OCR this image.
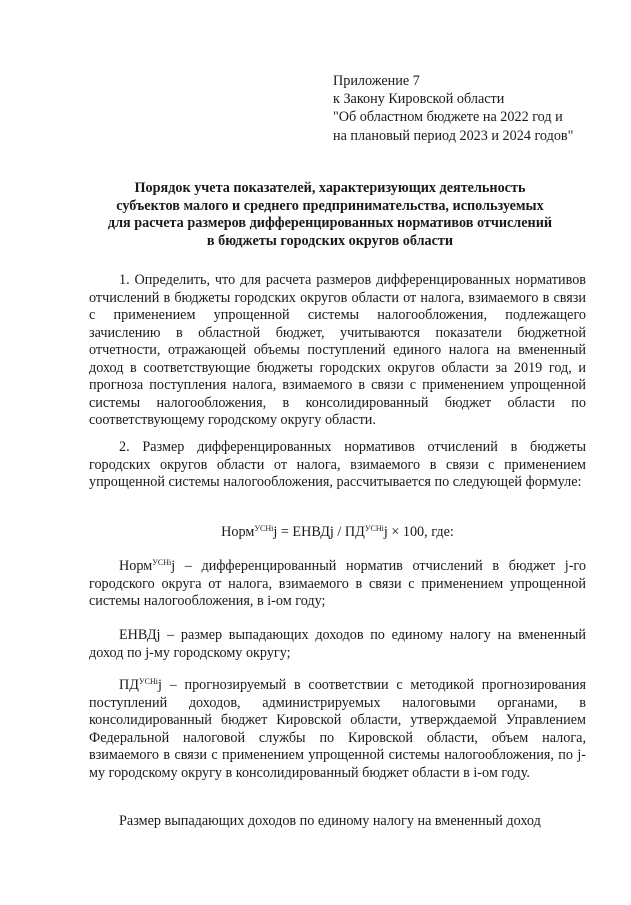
Приложение 7
к Закону Кировской области
"Об областном бюджете на 2022 год и
на плановый период 2023 и 2024 годов"
Порядок учета показателей, характеризующих деятельность
субъектов малого и среднего предпринимательства, используемых
для расчета размеров дифференцированных нормативов отчислений
в бюджеты городских округов области

1. Определить, что для расчета размеров дифференцированных нормативов отчислений в бюджеты городских округов области от налога, взимаемого в связи с применением упрощенной системы налогообложения, подлежащего зачислению в областной бюджет, учитываются показатели бюджетной отчетности, отражающей объемы поступлений единого налога на вмененный доход в соответствующие бюджеты городских округов области за 2019 год, и прогноза поступления налога, взимаемого в связи с применением упрощенной системы налогообложения, в консолидированный бюджет области по соответствующему городскому округу области.

2. Размер дифференцированных нормативов отчислений в бюджеты городских округов области от налога, взимаемого в связи с применением упрощенной системы налогообложения, рассчитывается по следующей формуле:

Норм$^{УСНі}$j = ЕНВДj / $ПД^{УСНі}j \times 100$, где:

Норм$^{УСНі}$j – дифференцированный норматив отчислений в бюджет j-го городского округа от налога, взимаемого в связи с применением упрощенной системы налогообложения, в і-ом году;

ЕНВДj – размер выпадающих доходов по единому налогу на вмененный доход по j-му городскому округу;

$ПД^{УСНі}j$ – прогнозируемый в соответствии с методикой прогнозирования поступлений доходов, администрируемых налоговыми органами, в консолидированный бюджет Кировской области, утверждаемой Управлением Федеральной налоговой службы по Кировской области, объем налога, взимаемого в связи с применением упрощенной системы налогообложения, по j-му городскому округу в консолидированный бюджет области в і-ом году.

Размер выпадающих доходов по единому налогу на вмененный доход
